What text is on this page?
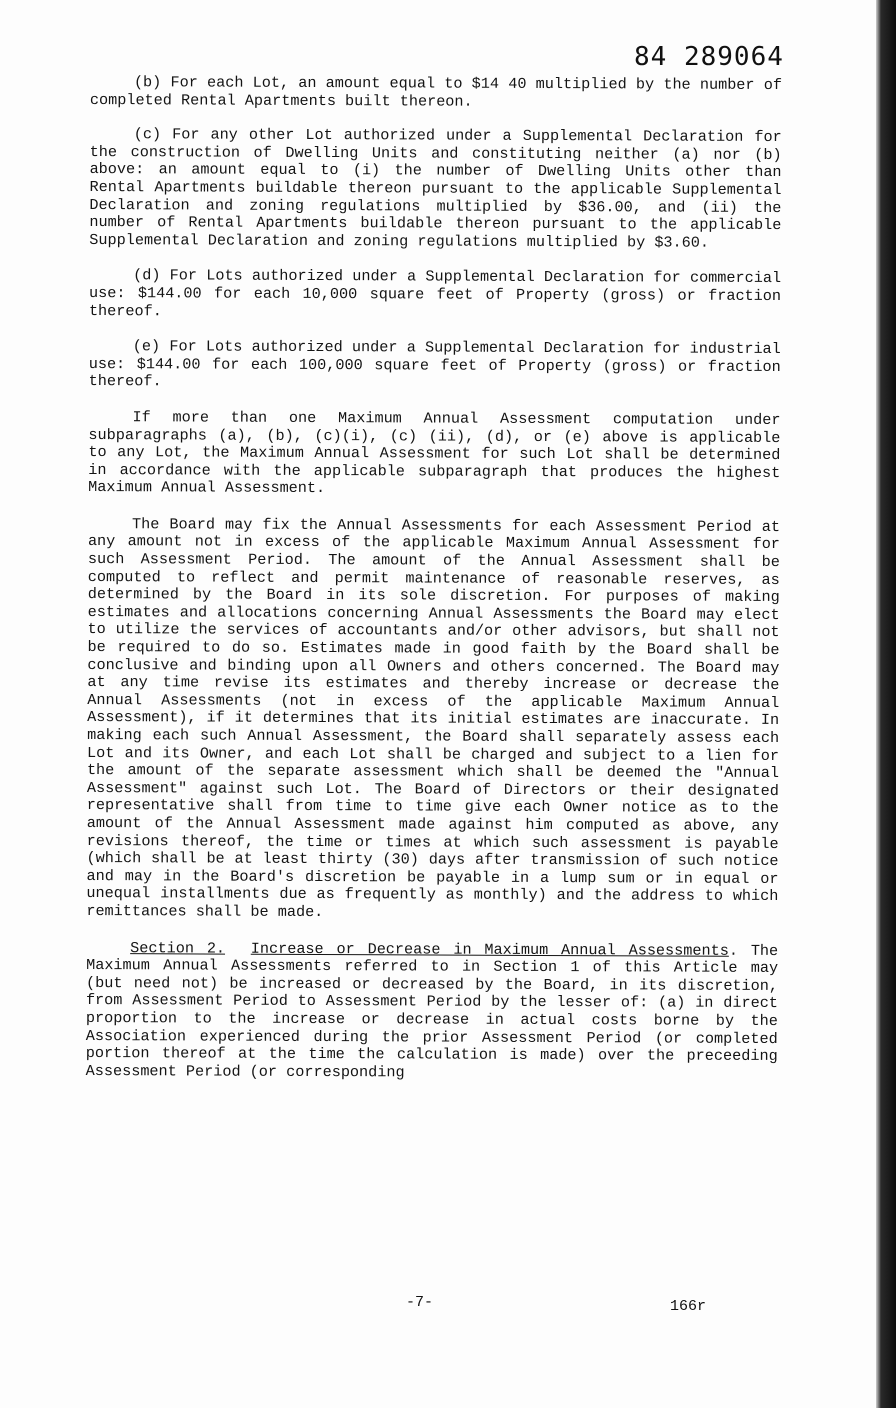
84 289064

(b) For each Lot, an amount equal to $14 40 multiplied by the number of completed Rental Apartments built thereon.

(c) For any other Lot authorized under a Supplemental Declaration for the construction of Dwelling Units and constituting neither (a) nor (b) above: an amount equal to (i) the number of Dwelling Units other than Rental Apartments buildable thereon pursuant to the applicable Supplemental Declaration and zoning regulations multiplied by $36.00, and (ii) the number of Rental Apartments buildable thereon pursuant to the applicable Supplemental Declaration and zoning regulations multiplied by $3.60.

(d) For Lots authorized under a Supplemental Declaration for commercial use: $144.00 for each 10,000 square feet of Property (gross) or fraction thereof.

(e) For Lots authorized under a Supplemental Declaration for industrial use: $144.00 for each 100,000 square feet of Property (gross) or fraction thereof.

If more than one Maximum Annual Assessment computation under subparagraphs (a), (b), (c)(i), (c) (ii), (d), or (e) above is applicable to any Lot, the Maximum Annual Assessment for such Lot shall be determined in accordance with the applicable subparagraph that produces the highest Maximum Annual Assessment.

The Board may fix the Annual Assessments for each Assessment Period at any amount not in excess of the applicable Maximum Annual Assessment for such Assessment Period. The amount of the Annual Assessment shall be computed to reflect and permit maintenance of reasonable reserves, as determined by the Board in its sole discretion. For purposes of making estimates and allocations concerning Annual Assessments the Board may elect to utilize the services of accountants and/or other advisors, but shall not be required to do so. Estimates made in good faith by the Board shall be conclusive and binding upon all Owners and others concerned. The Board may at any time revise its estimates and thereby increase or decrease the Annual Assessments (not in excess of the applicable Maximum Annual Assessment), if it determines that its initial estimates are inaccurate. In making each such Annual Assessment, the Board shall separately assess each Lot and its Owner, and each Lot shall be charged and subject to a lien for the amount of the separate assessment which shall be deemed the "Annual Assessment" against such Lot. The Board of Directors or their designated representative shall from time to time give each Owner notice as to the amount of the Annual Assessment made against him computed as above, any revisions thereof, the time or times at which such assessment is payable (which shall be at least thirty (30) days after transmission of such notice and may in the Board's discretion be payable in a lump sum or in equal or unequal installments due as frequently as monthly) and the address to which remittances shall be made.

Section 2. Increase or Decrease in Maximum Annual Assessments. The Maximum Annual Assessments referred to in Section 1 of this Article may (but need not) be increased or decreased by the Board, in its discretion, from Assessment Period to Assessment Period by the lesser of: (a) in direct proportion to the increase or decrease in actual costs borne by the Association experienced during the prior Assessment Period (or completed portion thereof at the time the calculation is made) over the preceeding Assessment Period (or corresponding

-7-	166r
